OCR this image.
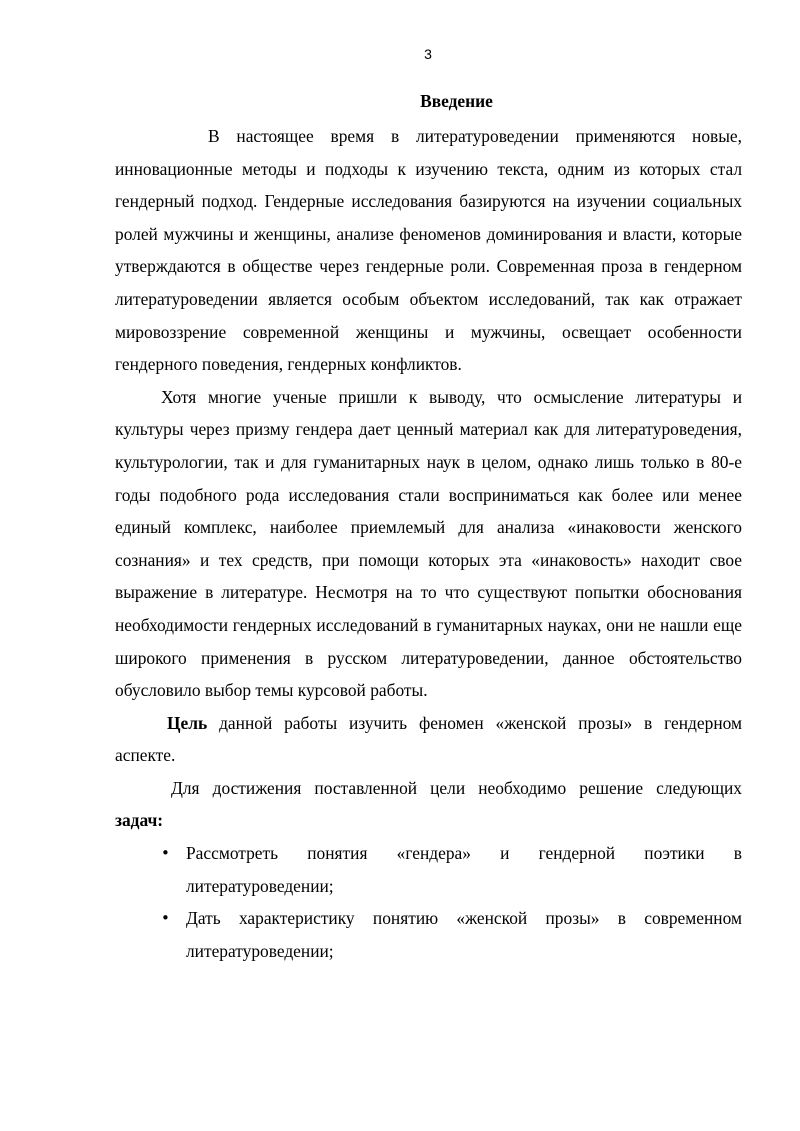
3
Введение

В настоящее время в литературоведении применяются новые, инновационные методы и подходы к изучению текста, одним из которых стал гендерный подход. Гендерные исследования базируются на изучении социальных ролей мужчины и женщины, анализе феноменов доминирования и власти, которые утверждаются в обществе через гендерные роли. Современная проза в гендерном литературоведении является особым объектом исследований, так как отражает мировоззрение современной женщины и мужчины, освещает особенности гендерного поведения, гендерных конфликтов.

Хотя многие ученые пришли к выводу, что осмысление литературы и культуры через призму гендера дает ценный материал как для литературоведения, культурологии, так и для гуманитарных наук в целом, однако лишь только в 80-е годы подобного рода исследования стали восприниматься как более или менее единый комплекс, наиболее приемлемый для анализа «инаковости женского сознания» и тех средств, при помощи которых эта «инаковость» находит свое выражение в литературе. Несмотря на то что существуют попытки обоснования необходимости гендерных исследований в гуманитарных науках, они не нашли еще широкого применения в русском литературоведении, данное обстоятельство обусловило выбор темы курсовой работы.

Цель данной работы изучить феномен «женской прозы» в гендерном аспекте.

Для достижения поставленной цели необходимо решение следующих задач:

• Рассмотреть понятия «гендера» и гендерной поэтики в литературоведении;
• Дать характеристику понятию «женской прозы» в современном литературоведении;
